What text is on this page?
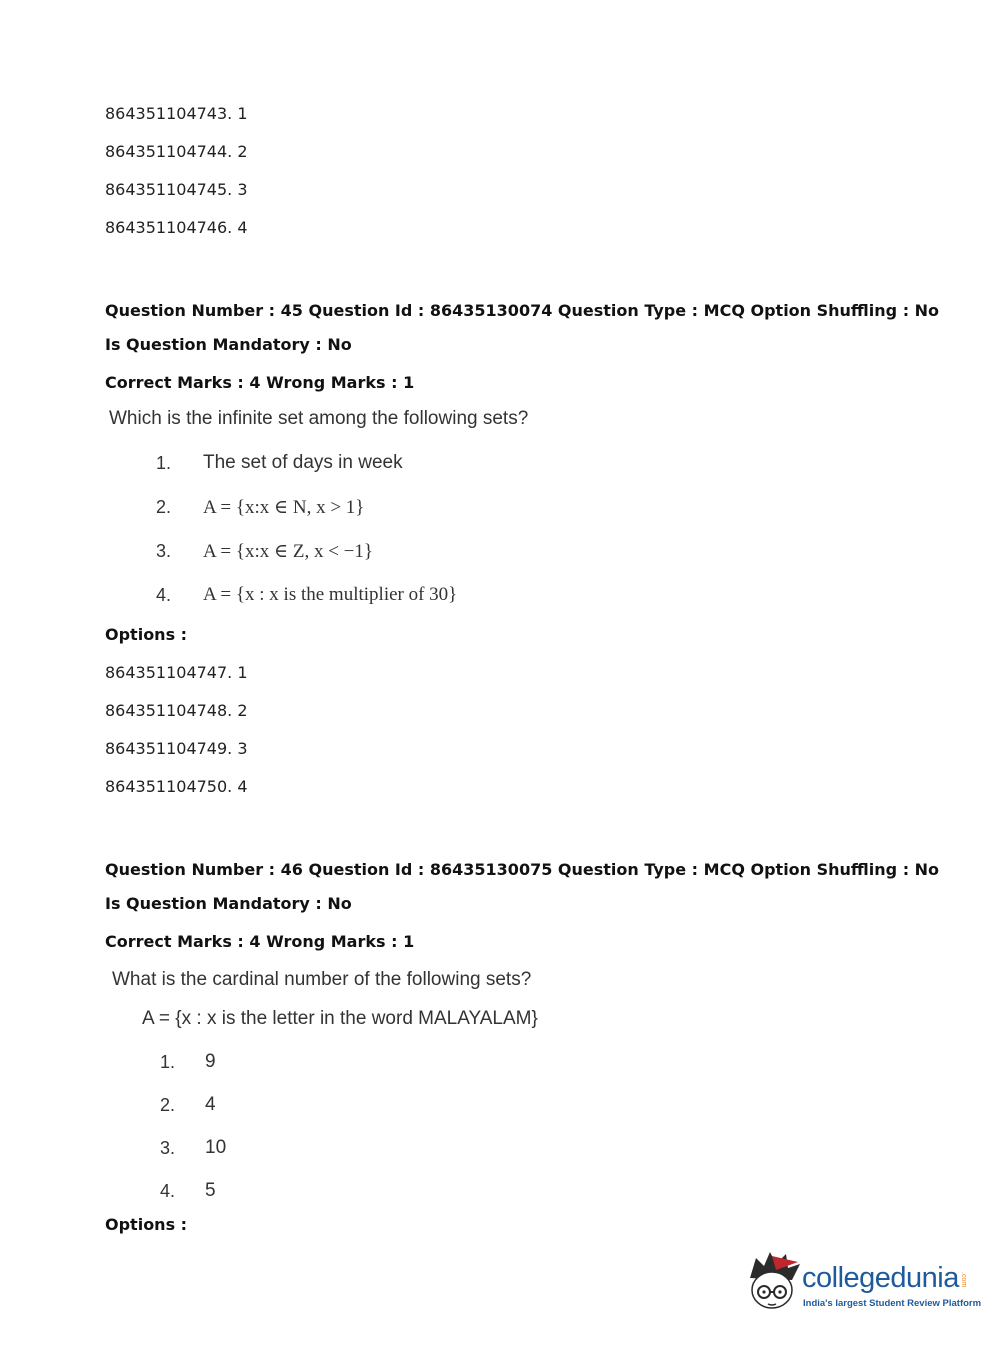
864351104743. 1
864351104744. 2
864351104745. 3
864351104746. 4
Question Number : 45 Question Id : 86435130074 Question Type : MCQ Option Shuffling : No
Is Question Mandatory : No
Correct Marks : 4 Wrong Marks : 1
Which is the infinite set among the following sets?
1. The set of days in week
2. A = {x:x ∈ N, x > 1}
3. A = {x:x ∈ Z, x < −1}
4. A = {x : x is the multiplier of 30}
Options :
864351104747. 1
864351104748. 2
864351104749. 3
864351104750. 4
Question Number : 46 Question Id : 86435130075 Question Type : MCQ Option Shuffling : No
Is Question Mandatory : No
Correct Marks : 4 Wrong Marks : 1
What is the cardinal number of the following sets?
A = {x : x is the letter in the word MALAYALAM}
1. 9
2. 4
3. 10
4. 5
Options :
collegedunia .com
India's largest Student Review Platform
